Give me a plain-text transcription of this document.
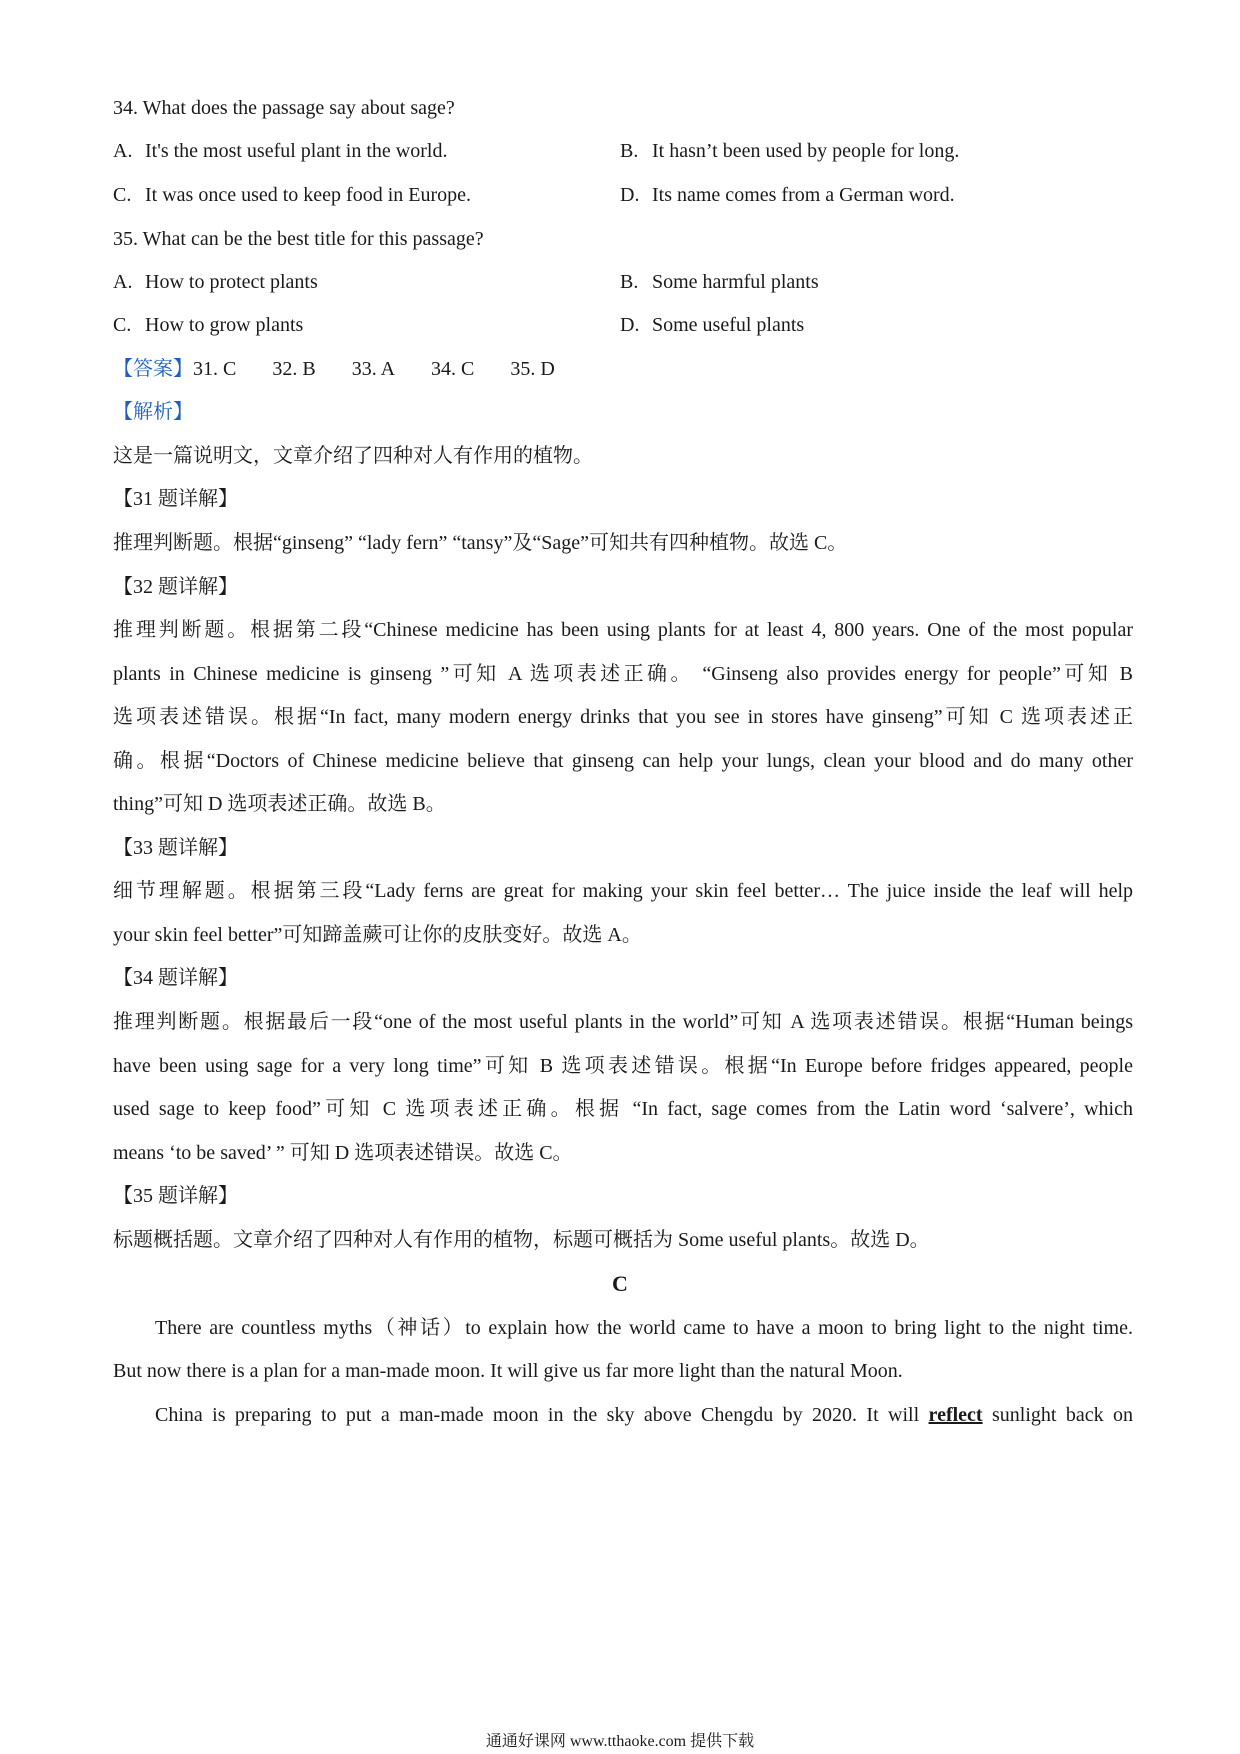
34. What does the passage say about sage?
A. It's the most useful plant in the world.	B. It hasn’t been used by people for long.
C. It was once used to keep food in Europe.	D. Its name comes from a German word.
35. What can be the best title for this passage?
A. How to protect plants	B. Some harmful plants
C. How to grow plants	D. Some useful plants
【答案】31. C 32. B 33. A 34. C 35. D
【解析】
这是一篇说明文，文章介绍了四种对人有作用的植物。
【31 题详解】
推理判断题。根据“ginseng” “lady fern” “tansy”及“Sage”可知共有四种植物。故选 C。
【32 题详解】
推理判断题。根据第二段“Chinese medicine has been using plants for at least 4, 800 years. One of the most popular
plants in Chinese medicine is ginseng ”可知 A 选项表述正确。 “Ginseng also provides energy for people”可知 B
选项表述错误。根据“In fact, many modern energy drinks that you see in stores have ginseng”可知 C 选项表述正
确。根据“Doctors of Chinese medicine believe that ginseng can help your lungs, clean your blood and do many other
thing”可知 D 选项表述正确。故选 B。
【33 题详解】
细节理解题。根据第三段“Lady ferns are great for making your skin feel better… The juice inside the leaf will help
your skin feel better”可知蹄盖蕨可让你的皮肤变好。故选 A。
【34 题详解】
推理判断题。根据最后一段“one of the most useful plants in the world”可知 A 选项表述错误。根据“Human beings
have been using sage for a very long time”可知 B 选项表述错误。根据“In Europe before fridges appeared, people
used sage to keep food”可知 C 选项表述正确。根据 “In fact, sage comes from the Latin word ‘salvere’, which
means ‘to be saved’ ” 可知 D 选项表述错误。故选 C。
【35 题详解】
标题概括题。文章介绍了四种对人有作用的植物，标题可概括为 Some useful plants。故选 D。
C
There are countless myths（神话）to explain how the world came to have a moon to bring light to the night time.
But now there is a plan for a man-made moon. It will give us far more light than the natural Moon.
China is preparing to put a man-made moon in the sky above Chengdu by 2020. It will reflect sunlight back on
通通好课网 www.tthaoke.com 提供下载
